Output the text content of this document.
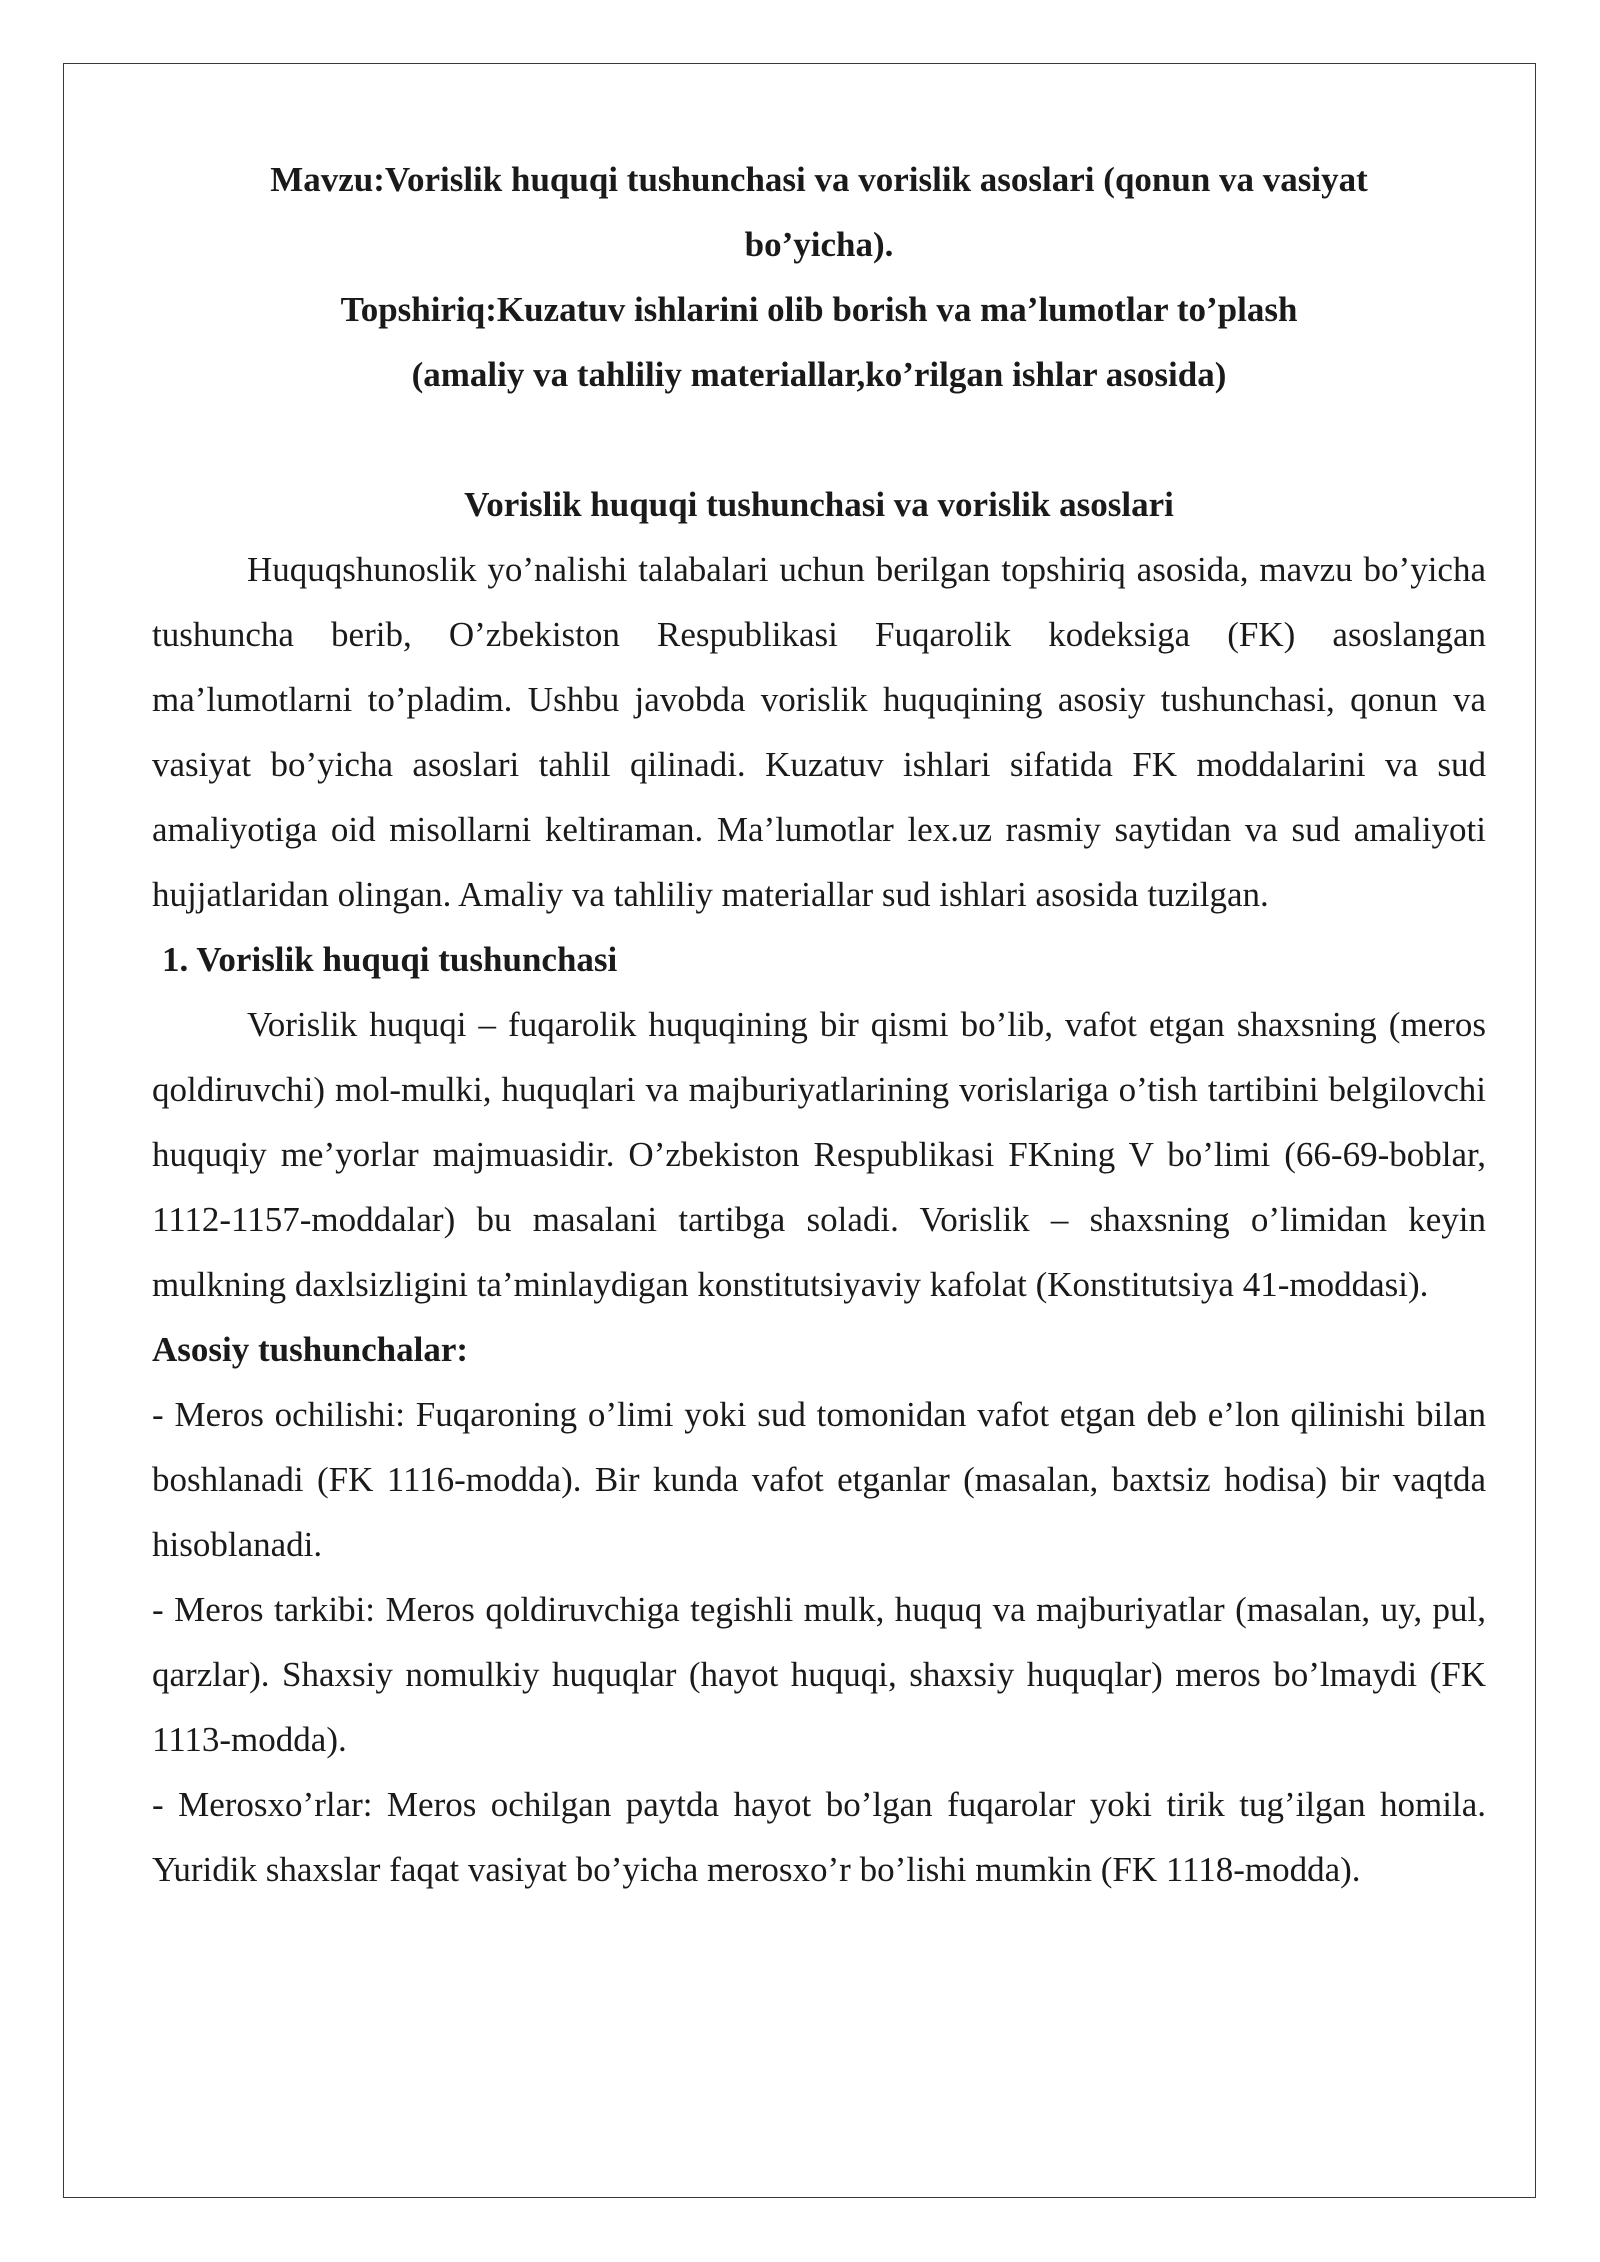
Mavzu:Vorislik huquqi tushunchasi va vorislik asoslari (qonun va vasiyat

bo’yicha).

Topshiriq:Kuzatuv ishlarini olib borish va ma’lumotlar to’plash

(amaliy va tahliliy materiallar,ko’rilgan ishlar asosida)

Vorislik huquqi tushunchasi va vorislik asoslari

Huquqshunoslik yo’nalishi talabalari uchun berilgan topshiriq asosida, mavzu bo’yicha tushuncha berib, O’zbekiston Respublikasi Fuqarolik kodeksiga (FK) asoslangan ma’lumotlarni to’pladim. Ushbu javobda vorislik huquqining asosiy tushunchasi, qonun va vasiyat bo’yicha asoslari tahlil qilinadi. Kuzatuv ishlari sifatida FK moddalarini va sud amaliyotiga oid misollarni keltiraman. Ma’lumotlar lex.uz rasmiy saytidan va sud amaliyoti hujjatlaridan olingan. Amaliy va tahliliy materiallar sud ishlari asosida tuzilgan.

1. Vorislik huquqi tushunchasi

Vorislik huquqi – fuqarolik huquqining bir qismi bo’lib, vafot etgan shaxsning (meros qoldiruvchi) mol-mulki, huquqlari va majburiyatlarining vorislariga o’tish tartibini belgilovchi huquqiy me’yorlar majmuasidir. O’zbekiston Respublikasi FKning V bo’limi (66-69-boblar, 1112-1157-moddalar) bu masalani tartibga soladi. Vorislik – shaxsning o’limidan keyin mulkning daxlsizligini ta’minlaydigan konstitutsiyaviy kafolat (Konstitutsiya 41-moddasi).

Asosiy tushunchalar:

- Meros ochilishi: Fuqaroning o’limi yoki sud tomonidan vafot etgan deb e’lon qilinishi bilan boshlanadi (FK 1116-modda). Bir kunda vafot etganlar (masalan, baxtsiz hodisa) bir vaqtda hisoblanadi.

- Meros tarkibi: Meros qoldiruvchiga tegishli mulk, huquq va majburiyatlar (masalan, uy, pul, qarzlar). Shaxsiy nomulkiy huquqlar (hayot huquqi, shaxsiy huquqlar) meros bo’lmaydi (FK 1113-modda).

- Merosxo’rlar: Meros ochilgan paytda hayot bo’lgan fuqarolar yoki tirik tug’ilgan homila. Yuridik shaxslar faqat vasiyat bo’yicha merosxo’r bo’lishi mumkin (FK 1118-modda).
